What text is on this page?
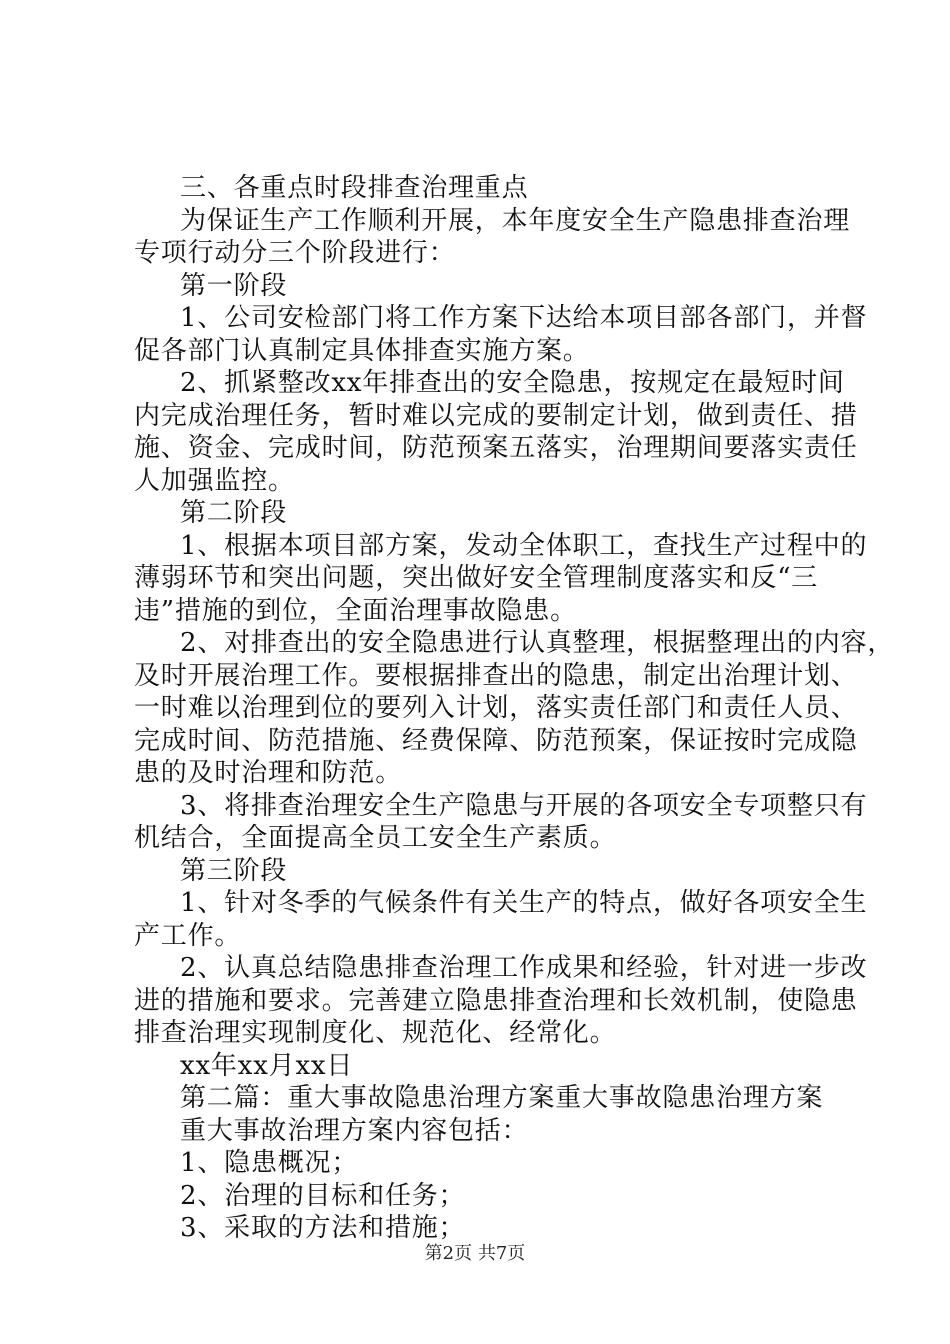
三、各重点时段排查治理重点
为保证生产工作顺利开展，本年度安全生产隐患排查治理
专项行动分三个阶段进行：
第一阶段
1、公司安检部门将工作方案下达给本项目部各部门，并督
促各部门认真制定具体排查实施方案。
2、抓紧整改xx年排查出的安全隐患，按规定在最短时间
内完成治理任务，暂时难以完成的要制定计划，做到责任、措
施、资金、完成时间，防范预案五落实，治理期间要落实责任
人加强监控。
第二阶段
1、根据本项目部方案，发动全体职工，查找生产过程中的
薄弱环节和突出问题，突出做好安全管理制度落实和反“三
违”措施的到位，全面治理事故隐患。
2、对排查出的安全隐患进行认真整理，根据整理出的内容，
及时开展治理工作。要根据排查出的隐患，制定出治理计划、
一时难以治理到位的要列入计划，落实责任部门和责任人员、
完成时间、防范措施、经费保障、防范预案，保证按时完成隐
患的及时治理和防范。
3、将排查治理安全生产隐患与开展的各项安全专项整只有
机结合，全面提高全员工安全生产素质。
第三阶段
1、针对冬季的气候条件有关生产的特点，做好各项安全生
产工作。
2、认真总结隐患排查治理工作成果和经验，针对进一步改
进的措施和要求。完善建立隐患排查治理和长效机制，使隐患
排查治理实现制度化、规范化、经常化。
xx年xx月xx日
第二篇：重大事故隐患治理方案重大事故隐患治理方案
重大事故治理方案内容包括：
1、隐患概况；
2、治理的目标和任务；
3、采取的方法和措施；
第2页 共7页
